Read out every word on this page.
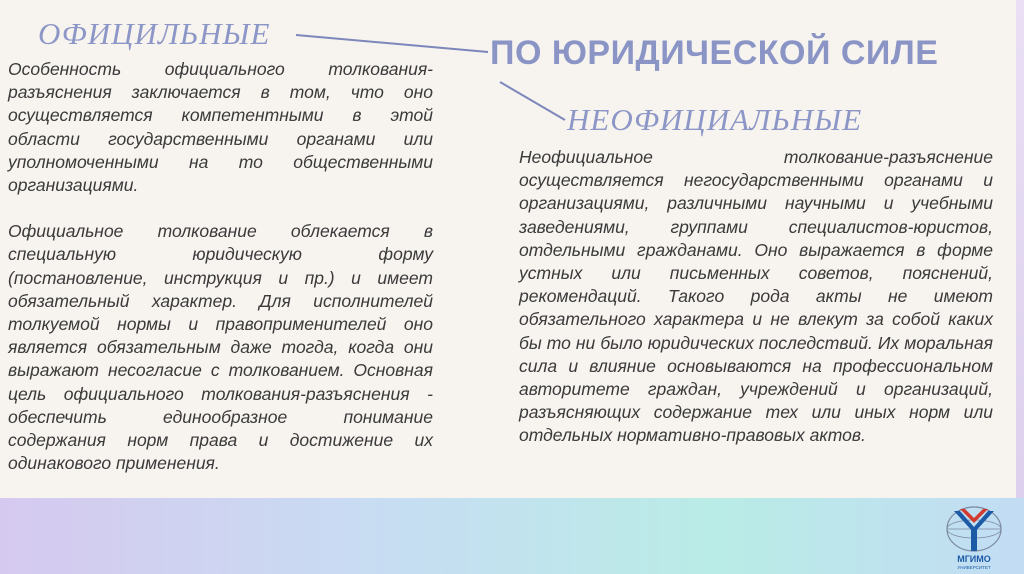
ОФИЦИЛЬНЫЕ
ПО ЮРИДИЧЕСКОЙ СИЛЕ
НЕОФИЦИАЛЬНЫЕ

Особенность официального толкования-разъяснения заключается в том, что оно осуществляется компетентными в этой области государственными органами или уполномоченными на то общественными организациями.

Официальное толкование облекается в специальную юридическую форму (постановление, инструкция и пр.) и имеет обязательный характер. Для исполнителей толкуемой нормы и правоприменителей оно является обязательным даже тогда, когда они выражают несогласие с толкованием. Основная цель официального толкования-разъяснения - обеспечить единообразное понимание содержания норм права и достижение их одинакового применения.

Неофициальное толкование-разъяснение осуществляется негосударственными органами и организациями, различными научными и учебными заведениями, группами специалистов-юристов, отдельными гражданами. Оно выражается в форме устных или письменных советов, пояснений, рекомендаций. Такого рода акты не имеют обязательного характера и не влекут за собой каких бы то ни было юридических последствий. Их моральная сила и влияние основываются на профессиональном авторитете граждан, учреждений и организаций, разъясняющих содержание тех или иных норм или отдельных нормативно-правовых актов.

МГИМО
УНИВЕРСИТЕТ
